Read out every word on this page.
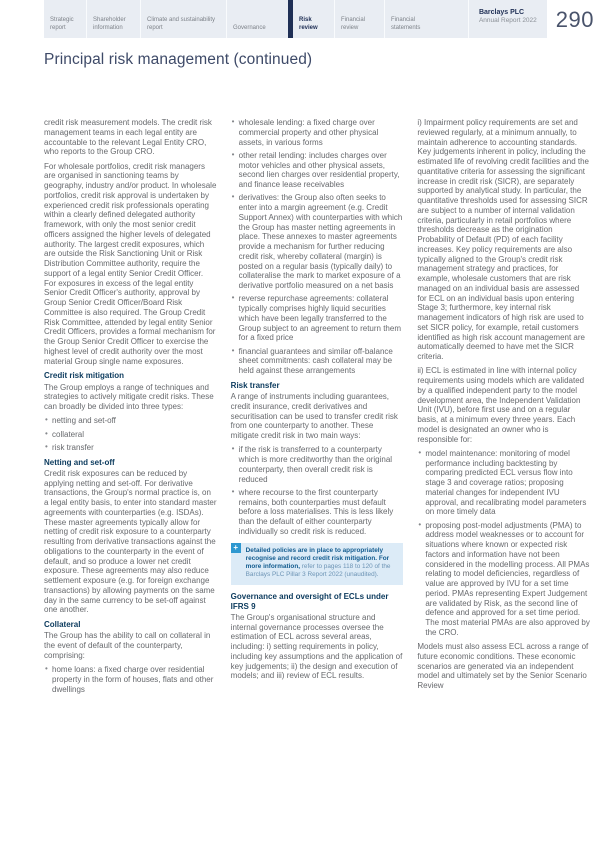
Strategic report
Shareholder information
Climate and sustainability report	Governance
Risk review
Financial review
Financial statements
Barclays PLC
Annual Report 2022 290
Principal risk management (continued)

credit risk measurement models. The credit risk management teams in each legal entity are accountable to the relevant Legal Entity CRO, who reports to the Group CRO.

For wholesale portfolios, credit risk managers are organised in sanctioning teams by geography, industry and/or product. In wholesale portfolios, credit risk approval is undertaken by experienced credit risk professionals operating within a clearly defined delegated authority framework, with only the most senior credit officers assigned the higher levels of delegated authority. The largest credit exposures, which are outside the Risk Sanctioning Unit or Risk Distribution Committee authority, require the support of a legal entity Senior Credit Officer. For exposures in excess of the legal entity Senior Credit Officer's authority, approval by Group Senior Credit Officer/Board Risk Committee is also required. The Group Credit Risk Committee, attended by legal entity Senior Credit Officers, provides a formal mechanism for the Group Senior Credit Officer to exercise the highest level of credit authority over the most material Group single name exposures.

Credit risk mitigation

The Group employs a range of techniques and strategies to actively mitigate credit risks. These can broadly be divided into three types:

• netting and set-off
• collateral
• risk transfer
Netting and set-off

Credit risk exposures can be reduced by applying netting and set-off. For derivative transactions, the Group's normal practice is, on a legal entity basis, to enter into standard master agreements with counterparties (e.g. ISDAs). These master agreements typically allow for netting of credit risk exposure to a counterparty resulting from derivative transactions against the obligations to the counterparty in the event of default, and so produce a lower net credit exposure. These agreements may also reduce settlement exposure (e.g. for foreign exchange transactions) by allowing payments on the same day in the same currency to be set-off against one another.

Collateral

The Group has the ability to call on collateral in the event of default of the counterparty, comprising:

• home loans: a fixed charge over residential property in the form of houses, flats and other dwellings
• wholesale lending: a fixed charge over commercial property and other physical assets, in various forms
• other retail lending: includes charges over motor vehicles and other physical assets, second lien charges over residential property, and finance lease receivables
• derivatives: the Group also often seeks to enter into a margin agreement (e.g. Credit Support Annex) with counterparties with which the Group has master netting agreements in place. These annexes to master agreements provide a mechanism for further reducing credit risk, whereby collateral (margin) is posted on a regular basis (typically daily) to collateralise the mark to market exposure of a derivative portfolio measured on a net basis
• reverse repurchase agreements: collateral typically comprises highly liquid securities which have been legally transferred to the Group subject to an agreement to return them for a fixed price
• financial guarantees and similar off-balance sheet commitments: cash collateral may be held against these arrangements
Risk transfer

A range of instruments including guarantees, credit insurance, credit derivatives and securitisation can be used to transfer credit risk from one counterparty to another. These mitigate credit risk in two main ways:

• if the risk is transferred to a counterparty which is more creditworthy than the original counterparty, then overall credit risk is reduced
• where recourse to the first counterparty remains, both counterparties must default before a loss materialises. This is less likely than the default of either counterparty individually so credit risk is reduced.
+	Detailed policies are in place to appropriately recognise and record credit risk mitigation. For more information, refer to pages 118 to 120 of the Barclays PLC Pillar 3 Report 2022 (unaudited).
Governance and oversight of ECLs under IFRS 9

The Group's organisational structure and internal governance processes oversee the estimation of ECL across several areas, including: i) setting requirements in policy, including key assumptions and the application of key judgements; ii) the design and execution of models; and iii) review of ECL results.

i) Impairment policy requirements are set and reviewed regularly, at a minimum annually, to maintain adherence to accounting standards. Key judgements inherent in policy, including the estimated life of revolving credit facilities and the quantitative criteria for assessing the significant increase in credit risk (SICR), are separately supported by analytical study. In particular, the quantitative thresholds used for assessing SICR are subject to a number of internal validation criteria, particularly in retail portfolios where thresholds decrease as the origination Probability of Default (PD) of each facility increases. Key policy requirements are also typically aligned to the Group's credit risk management strategy and practices, for example, wholesale customers that are risk managed on an individual basis are assessed for ECL on an individual basis upon entering Stage 3; furthermore, key internal risk management indicators of high risk are used to set SICR policy, for example, retail customers identified as high risk account management are automatically deemed to have met the SICR criteria.

ii) ECL is estimated in line with internal policy requirements using models which are validated by a qualified independent party to the model development area, the Independent Validation Unit (IVU), before first use and on a regular basis, at a minimum every three years. Each model is designated an owner who is responsible for:

• model maintenance: monitoring of model performance including backtesting by comparing predicted ECL versus flow into stage 3 and coverage ratios; proposing material changes for independent IVU approval, and recalibrating model parameters on more timely data
• proposing post-model adjustments (PMA) to address model weaknesses or to account for situations where known or expected risk factors and information have not been considered in the modelling process. All PMAs relating to model deficiencies, regardless of value are approved by IVU for a set time period. PMAs representing Expert Judgement are validated by Risk, as the second line of defence and approved for a set time period. The most material PMAs are also approved by the CRO.

Models must also assess ECL across a range of future economic conditions. These economic scenarios are generated via an independent model and ultimately set by the Senior Scenario Review
